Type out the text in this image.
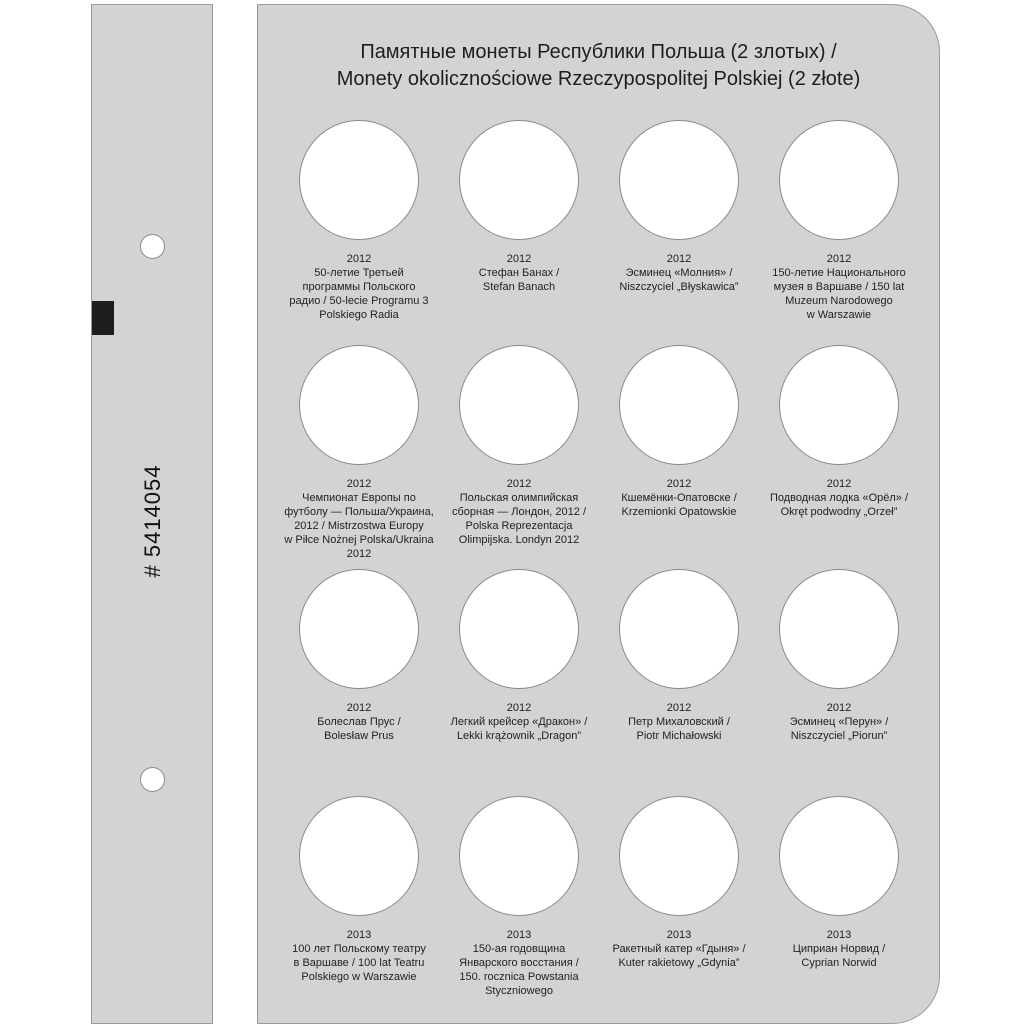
# 5414054
Памятные монеты Республики Польша (2 злотых) /
Monety okolicznościowe Rzeczypospolitej Polskiej (2 złote)
2012
50-летие Третьей
программы Польского
радио / 50-lecie Programu 3
Polskiego Radia
2012
Стефан Банах /
Stefan Banach
2012
Эсминец «Молния» /
Niszczyciel „Błyskawica”
2012
150-летие Национального
музея в Варшаве / 150 lat
Muzeum Narodowego
w Warszawie
2012
Чемпионат Европы по
футболу — Польша/Украина,
2012 / Mistrzostwa Europy
w Piłce Nożnej Polska/Ukraina
2012
2012
Польская олимпийская
сборная — Лондон, 2012 /
Polska Reprezentacja
Olimpijska. Londyn 2012
2012
Кшемёнки-Опатовске /
Krzemionki Opatowskie
2012
Подводная лодка «Орёл» /
Okręt podwodny „Orzeł”
2012
Болеслав Прус /
Bolesław Prus
2012
Легкий крейсер «Дракон» /
Lekki krążownik „Dragon”
2012
Петр Михаловский /
Piotr Michałowski
2012
Эсминец «Перун» /
Niszczyciel „Piorun”
2013
100 лет Польскому театру
в Варшаве / 100 lat Teatru
Polskiego w Warszawie
2013
150-ая годовщина
Январского восстания /
150. rocznica Powstania
Styczniowego
2013
Ракетный катер «Гдыня» /
Kuter rakietowy „Gdynia”
2013
Циприан Норвид /
Cyprian Norwid
